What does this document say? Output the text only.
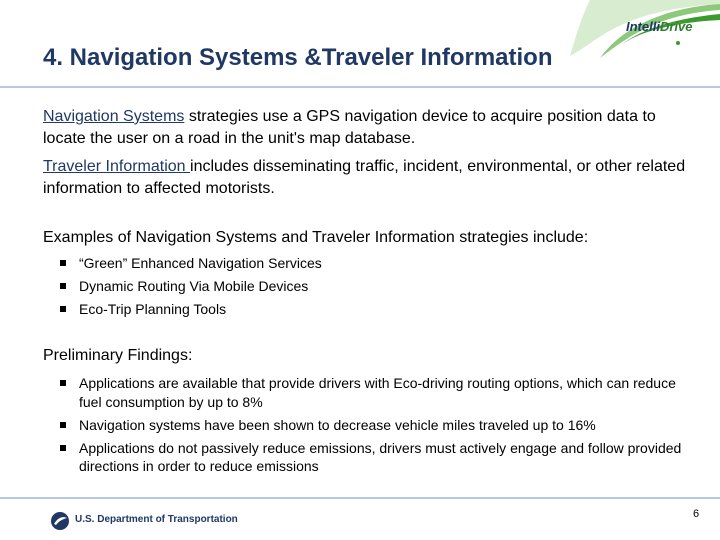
IntelliDrive
4. Navigation Systems &Traveler Information
Navigation Systems strategies use a GPS navigation device to acquire position data to locate the user on a road in the unit's map database.
Traveler Information includes disseminating traffic, incident, environmental, or other related information to affected motorists.
Examples of Navigation Systems and Traveler Information strategies include:
“Green” Enhanced Navigation Services
Dynamic Routing Via Mobile Devices
Eco-Trip Planning Tools
Preliminary Findings:
Applications are available that provide drivers with Eco-driving routing options, which can reduce fuel consumption by up to 8%
Navigation systems have been shown to decrease vehicle miles traveled up to 16%
Applications do not passively reduce emissions, drivers must actively engage and follow provided directions in order to reduce emissions
U.S. Department of Transportation	6
